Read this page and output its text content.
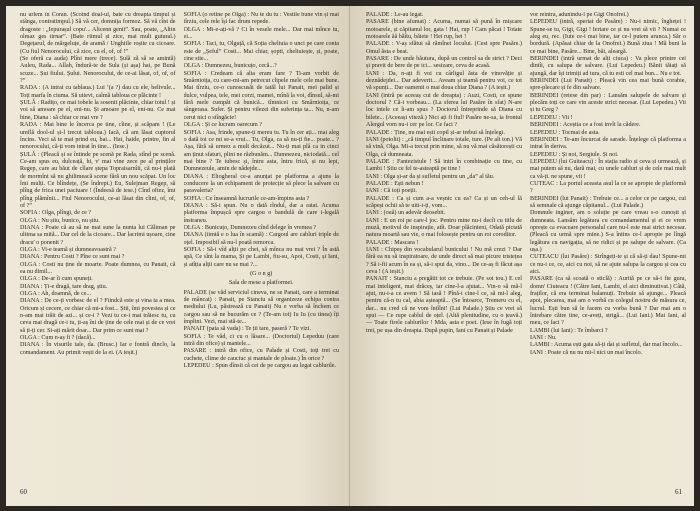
nu urlem în Coran. (Scoind doal-ul, bate cu dreapta timpul și stânga, contratimpul.) Să vă cer, domnița formoz. Să vă cînt de dragoste : „Iepurașul copu'... Alicenn genit”. Sau, poate, „Altin olmaz ges tirnar”. (Bate ritmul și zice, mai mult gutural.) Degețarul, de mărgeluțe, de aramă / Unghiile roșite cu cicoare. (Cu fiul Nenorocului, că zice, cu el, of, of !”

(Se oferă ca auda) Plîni mere (trece). Șulă ză să se amintă) Auleu, Rada... Allah, îndură-te de Sula (și așa) hai, pe Bună scuze... Șui fiului. Șului. Nenorocului, de ce-ai lăsat, of, of, of ?”

RADA : (A intrat cu tablaua.) Lui ’(a ?) dau cu ele, belivule... Toți marfa în ciuma. Să uitevi, calmă tabloua ce plăcinte !

ȘULĂ : Radițo, ce mai tobele la sosenit plăcinte, chiar totul ! și voi să amoare pe el, eni-nu. Și amoare pe el, eni-nu. Ce mai bine, Diana : să chiar ce mai vre ?

RADA : Mai bine le încerca pe tine, cîine, și scăpam ! (Le umflă dool-ul și-l trecut tabloua.) Iacă, că am lăsat cuptorul încins. Veci să te mai prind eu, bai... Hai, haide, printre, fin al nenorocului, că-ți vom intrat în tine... (Iese.)

ȘULĂ : (Pleacă și se întinde pe scenă pe Rada, stînd pe scenă. Ce-am spus eu, dulceață, hi, v' mai vine zece pe al prinților Regep, care au băut de cîlare ștepa Topraisarnîii, că nu-i plată de mormînt să nu ghilimeacă scene fără un nou scăpat. Un loc îmi mulți. Ce blîndețe, (Se îndrept.) Eu, Sulejman Regep, să plîng de frica unei paciuare ! (Îndeesă de iese.) Cînd oftez, îmi plîng plămînii... Fiul Nenorocului, ce-ai lăsat din cîini, of, of, of ?”

SOFIA : Olga, plîngi, de ce ?

OLGA : Nu știu, bunico, nu știu.

DIANA : Poate că au să ne mai sune la nunta lui Căliman pe ultima sa mită... Dar cel de la cicoare... Dar lacrimi ușoare, cine dracu' o ponenit ?

OLGA : Vi-e teamă și dumneavoastră ?

DIANA : Pentru Costi ? Pîne ce sunt mai ?

OLGA : Costi nu ține de moarte. Poate dumnea, cu Panait, că ea nu dimil...

OLGA : De-ar îi cum spuneți.

DIANA : Ți-e dragă, tare drag, știu.

OLGA : Ah, doamnă, de ce...

DIANA : De ce-ți vorbesc de el ? Fiindcă este și vina ta a mea. Oricum și cecere, ce chiar că mi-a fost... Știi, îmi povestea și ce n-am mai trăit de azi... și ce-i ? Vezi tu ce-i mai trăiesc tu, cu ceva mai dragă ce-i tu, ți-aș îni de ține de cele mai și de ce vrei să ți-ți cer. Si-ați mărit doar... Dar prim ce sunt mai ?

OLGA : Cum n-aș fi ? (dacă)...

DIANA : În visurile tale, da. (Brusc.) Iar e fontră dinclo, la comandament. Au primit vești de la ei. (A ieșit.)

SOFIA (o retine pe Olga) : Nu te du tu : Vestile bune vin și mai tîrziu, cele rele își fac drum repede.

OLGA : Mi-e-ați-vă ? Ci în vesele mele... Dar mai mînce tu, ei...

SOFIA : Taci, tu, Olguță, că Soția cheltuia o unci pe care conta este de „Șeful” Costi... Mai chiar, șopti, cheltuiește, și, poate, cine stie...

OLGA : Dumnezeu, bunicuțo, cecă...?

SOFIA : Credeam că alta eram fare ? Ti-am vorbit de Smârnioița, cu care-mi-am petrecut clipele mele cele mai bune. Mai tîrziu, ce-o cunoscusăi de tatăl lui Panait, mei palid și dulce, vulpea, tele, mei corzi, mamei, mînă la voi, dînsul, să-mi fără mele cumpăt că bunică... tîmnicei cu Smârnioița, ce sângerasa. Sufer. Și pentru vilezei din suferința ta... Nu, n-am cerut nici o stîngăcie!

OLGA : Și ce lucram oarecum ?

SOFIA : Asa, frinde, spune-ți mereu tu. Tu în cer ați... mai aleg o dată tot ce mi se-a vrut... Tu, Olga, ca să nu-ți fie... poate... ? Așa, fără să urmez a mult decăzut... Nu-ți mai plâ ca in cinci am ținut sfaturi, plini ne răzbunăm... Dumnezeu, niciodată... cel mai bine ? Te iubesc și, întru asta, întru frică, și nu lepi, Dumnezeule, amin de nădejde...

DIANA : Eliogheral ce-a anunțat pe platforma a ajuns la conducere la un echipament de protecție să plece la salvare cu paravaleria?

SOFIA : Ce înseamnă lucrurile ce-am-împins asta ?

DIANA : Să-i spun. Nu o dată rîndul, dar a ratat. Acuma platforma împușcă spre cargou o bandulă de care i-legală înstraneu.

OLGA : Bunicuțo, Dumnezeu cînd delege în vremea ?

DIANA (iimtă e o lua în scamă) : Cargoul are cabluri triple de oțel. Imposibil să nu-l poată remorca.

SOFIA : Să-i vîd alții pe chei, să mînca nu mai vrei ? În astă apă, Ce sînt la mama, Și pe Lambi, fiu-su, Apoi, Costi, și Iani, și atîția alții care nu se mai ?...

(G o n g)

Sala de mese a platformei.

PALADE (se văd serviciul cineva, ne se Panait, care a terminat de mâncat) : Panait, pe Stanciu să organizeze echipa contra mediului (Lu, păstrează cu Panait) Nu e vorba să închem ce cargou sau să ne bucurăm ce ? (Te-am tot) Iu Iu (cu tinea) îți împlini. Vezi, mai stă-te...

PANAIT (pata să vada) : Te ții tare, paseră ? Te vizi.

SOFIA : Te văd, ci cu o lăsare... (Doctoriul) Lepeduu (care intră din ofice) și mantele...

PASARE : intră din ofice, cu Palade și Costi, toți trei cu cuchete, clime de cauciuc și mantale de ploaie.) În orice ?

LEPEDEU : Spun dînsii că cei de pe cargou au legat cablurile.

60

PALADE : Le-au legat.

PASARE (bine afumat) : Acuma, numai să pună în mișcare motoarele, și căpitanul lor, gata ! Hai, rup ! Cam păcat ! Totate motoarele ăă băîtu, băiete ! Hei rup, hei !

PALADE : V-aș sfătui să rămînei locului. (Cest spre Pasăre.) Omul ăsta e beat.

PASARE : De unde băutura, după un control sa de strict ? Deci și pravit de bere de pe ici... sesizare, ceva de acasă.

IANI : Da, n-ați fi voi cu cârligul ăsta de vinovăție și deznădejdei... Dar adeverit... Aveam și teamă pentru voi, ce tot vă spunți... Dar oamenii o mai doua chiar Diana ? (A ieșit.)

IANI (intră pe aceeaș cui de dreapta) : Auzi, Costi, ce spune doctorul ? Că-i vorbeau... (La sferea lui Pasăre în sfat) N-are loc intele ce îi-am spus ? Doctorul întreprinde să Diana cu bilete... (Aceeași viteză.) Nici ați fi fiul! Pasăre ne-sa, ia frontul Alergul vom nu-i cer pe lor. Ce faci ?

PALADE : Ține, nu mai ești copil și-ar trebui să înțelegi.

IANI (potolit) : „că timpul înclinare totale, ture. (Pe alt ton.) Vă să vină, Olga. Mi-a trecut prin mine, să nu vă mai căsătorești cu Olga, că dumneata.

PALADE : Fantezistule ! Să intri în combinație cu tine, cu Lambi ! Știu ce fel te-asteaptă pe tine !

IANI : Olga și-ar da și sufletul pentru un „da” al tău.

PALADE : Ești nebun !

IANI : Că toți poeții.

PALADE : Ca și cum a-a veșnic cu ea? Ca și un ceh-ul lă scăpeși ochii să te uiti-i-ți, vom...

IANI : (ouă) un adevăr deosebit.

IANI : E un roi pe care-l joc. Pentru mine nu-i decît cu titlu de muză, motivul de inspirație, atît. Doar plăcinteni, Odată pictată natura moartă sau vie, o mai folosește pentru un roi coroditor.

PALADE : Mascara !

IANI : Chipeș din vocabularul bunicului ! Nu mă crezi ? Dar fără ea nu să inspiratoare, de unde direct să mai picure tristețea ? Să i-fii acum în ea și, să-i spui da, vino... De ce-aș fi făcut așa ceva ! (A ieșit.)

PANAIT : Stanciu a pregătit tot ce trebuie. (Pe sot tou.) E cel mai inteligent, mai drăceș, iar cine-l-a ajutat... Vin-o să mă-l ajut, nu-i-a ce avem ! Să iasă ! Pînă-i cine-l ce, să mi-l aleg, pentru că-n tu cal, abia așteaptă... (Se întoarce, Tremeru cu el, dar... nu cred că ne vom întîlni! (Lui Palade.) Știu ce vrei să spui — Ce rupe cablul de oțel. (Altă plenitudine, cu o țeavă.) — Toate firele cablurilor ! Mda, asta e poet. (Iese în fugă toți trei, pe ușa din dreapta. După pupin, Iani cu Panait și Palade

vor reintra, adunîndu-l pe Gigi Onofrei.)

LEPEDEU (intră, speriat de Pasăre) : Nu-i nimic, îngheței ! Spune-se tu, Gigi, Gigi ! Iertare ce și nu vrei să vii ? Numai ce aleg eu, rec. (Iute ce-i mai bine, iar ce-l putem arunca.) Săr o bordură. (Apăsat chiar de la Onofrei.) Bună ziua ! Mă buni la ce mai bine, Pasăre... Bine, băi, aleargă.

BERINDEI (intră urmat de alți ciuca) : Va plece printre cei dintîi, cu salupa de salvare. (Lui Lepedeu.) Bănii tăiați să ajungă, dar își trimiți ad tura, că tu esti cel mai bun... Nu e tot.

BERINDEI (Lui Panait) : Pleacă vin cea mai bună corabie, spre-plecare și fe din salvare.

BERINDEI (reiese din par) : Lansăm salupele de salvare și plecăm toți ce care vin aceste strict necesar. (Lui Lepedeu.) Vii și tu Greg ?

LEPEDEU : Vii !

BERINDEI : Aceștia ce a fost invît la cădere.

LEPEDEU : Tocmai de asta.

BERINDEI : Te-am încurcat de sarade. Înțelege că platforma a intrat în deriva.

LEPEDEU : Și noi, Sergiule. Și noi.

LEPEDEU (lui Guiteacu) : În stația radio și ceva și urmează, și mai putem să nu, dară mai, cu unele cabluri și de cele mai mult ca vă-ți. ne spune, vii !

CUTEAC : La portul aceasta asul la ce se apropie de platformă ?

BERINDEI (lui Panait) : Trebuie ce... a celor ce pe cargou, cui să semnale că ajunge căpitanul... (Lui Palade.)

Domnule inginer, am o soluție pe care vreau s-o cunoști și dumneata. Lansăm legătura cu comandamentul și ei ce vrem oprește ca evacuare personalul care nu-l este mai strict necesar. (Pleacă cu urmă spre mine.) S-a întins ce-l apropie pe lîngă legătura cu navigația, să ne ridici și pe salupe de salvare. (Ca ușa.)

CUTEACU (lui Pasăre) : Strîngeți-te și că să-ți dau! Spune-mi ce nu-i ce, ce, aici cu noi, să ne ajute salupa la cargou și cea cu aici.

PASARE (ca să scoată o sticlă) : Aurită pe ce să-i fie gura, domn' Ciuteacu ! (Către Iani, Lambi, el aici diminutivat.) Câtă, fraților, că era terminat balamuți. Trebuie să ajunge... Pleacă apoi, plecarea, mai am o vorbă cu colegul nostru de măsura ce, lucrul. Ești bun să le facem cu vorba bună ? Dar mai am o întrebare către tine, ce-aveți, strigă... (Lui Iani.) Mai Iani, al meu, ce faci ?

LAMBI (lui Iani) : Te îmbarci ?

IANI : Nu.

LAMBI : Acuma ești gata să-ți dai și sufletul, dar mai încolo...

IANI : Poate că nu nu mi-l nici un mai încolo.

61
